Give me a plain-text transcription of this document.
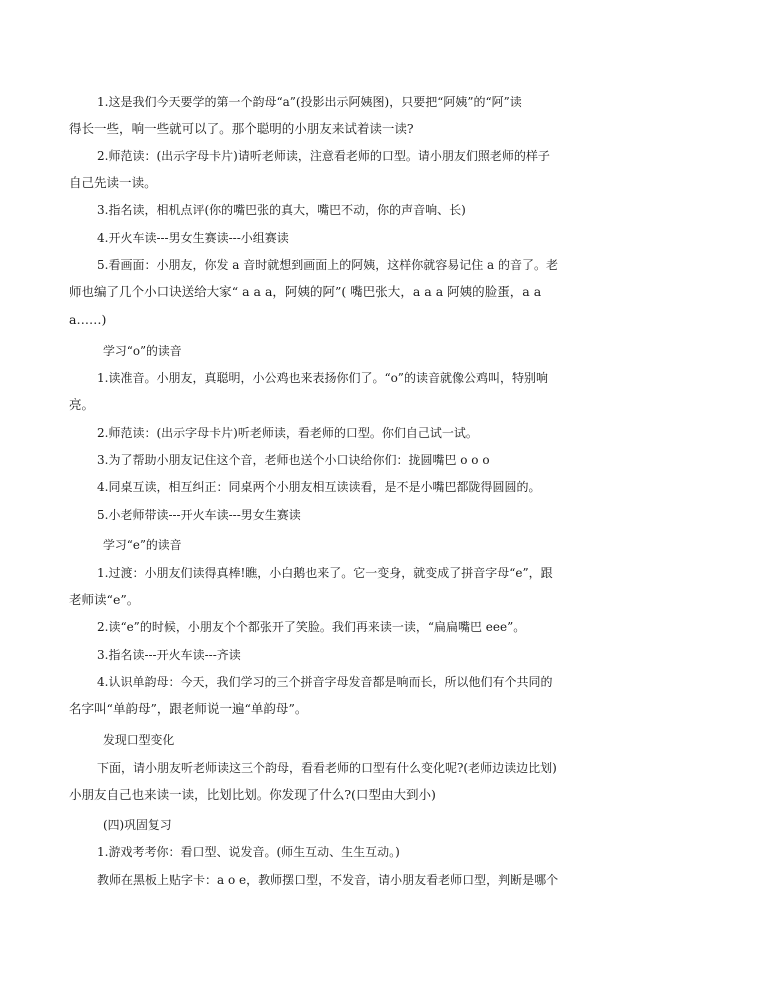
1.这是我们今天要学的第一个韵母“a”(投影出示阿姨图)，只要把“阿姨”的“阿”读
得长一些，响一些就可以了。那个聪明的小朋友来试着读一读?
2.师范读：(出示字母卡片)请听老师读，注意看老师的口型。请小朋友们照老师的样子
自己先读一读。
3.指名读，相机点评(你的嘴巴张的真大，嘴巴不动，你的声音响、长)
4.开火车读---男女生赛读---小组赛读
5.看画面：小朋友，你发 a 音时就想到画面上的阿姨，这样你就容易记住 a 的音了。老
师也编了几个小口诀送给大家“ a a a，阿姨的阿”( 嘴巴张大，a a a 阿姨的脸蛋，a a
a……)
学习“o”的读音
1.读准音。小朋友，真聪明，小公鸡也来表扬你们了。“o”的读音就像公鸡叫，特别响
亮。
2.师范读：(出示字母卡片)听老师读，看老师的口型。你们自己试一试。
3.为了帮助小朋友记住这个音，老师也送个小口诀给你们：拢圆嘴巴 o o o
4.同桌互读，相互纠正：同桌两个小朋友相互读读看，是不是小嘴巴都陇得圆圆的。
5.小老师带读---开火车读---男女生赛读
学习“e”的读音
1.过渡：小朋友们读得真棒!瞧，小白鹅也来了。它一变身，就变成了拼音字母“e”，跟
老师读“e”。
2.读“e”的时候，小朋友个个都张开了笑脸。我们再来读一读，“扁扁嘴巴 eee”。
3.指名读---开火车读---齐读
4.认识单韵母：今天，我们学习的三个拼音字母发音都是响而长，所以他们有个共同的
名字叫“单韵母”，跟老师说一遍“单韵母”。
发现口型变化
下面，请小朋友听老师读这三个韵母，看看老师的口型有什么变化呢?(老师边读边比划)
小朋友自己也来读一读，比划比划。你发现了什么?(口型由大到小)
(四)巩固复习
1.游戏考考你：看口型、说发音。(师生互动、生生互动。)
教师在黑板上贴字卡：a o e，教师摆口型，不发音，请小朋友看老师口型，判断是哪个
